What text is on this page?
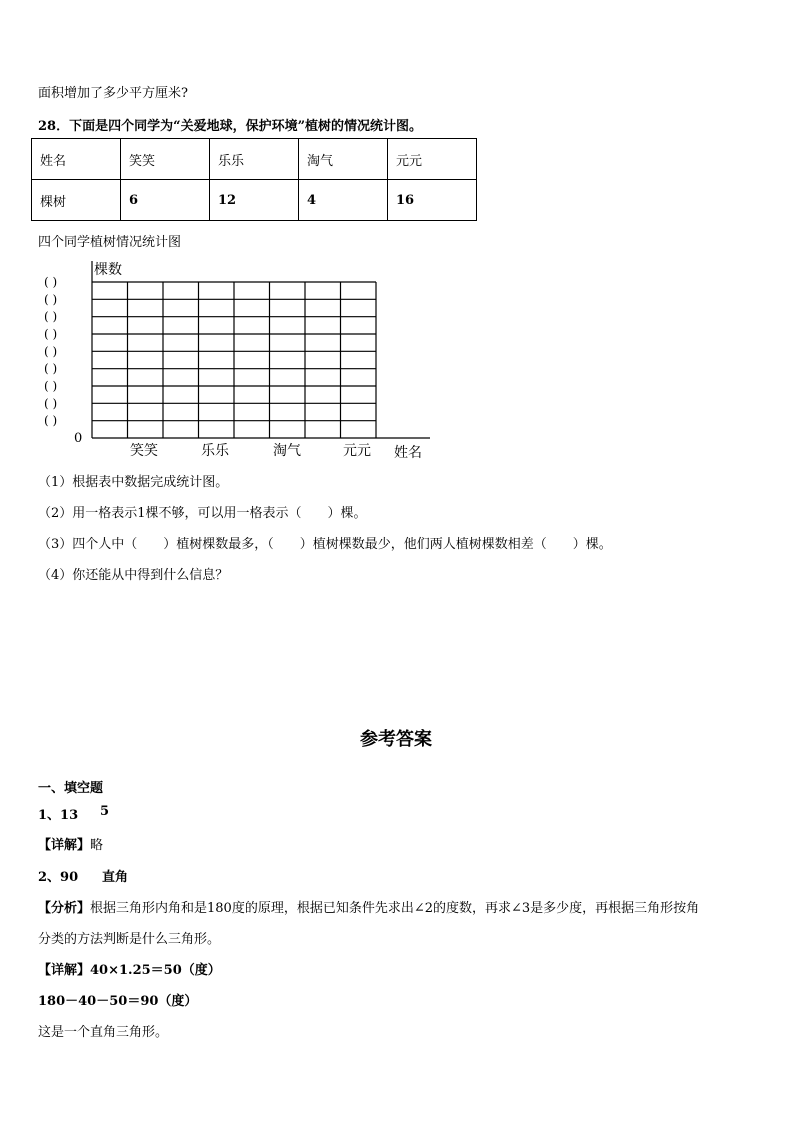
面积增加了多少平方厘米?
28．下面是四个同学为“关爱地球，保护环境”植树的情况统计图。
姓名	笑笑	乐乐	淘气	元元
棵树	6	12	4	16
四个同学植树情况统计图
棵数
0
( )
( )
( )
( )
( )
( )
( )
( )
( )
笑笑	乐乐	淘气	元元 姓名
（1）根据表中数据完成统计图。
（2）用一格表示1棵不够，可以用一格表示（　　）棵。
（3）四个人中（　　）植树棵数最多，（　　）植树棵数最少，他们两人植树棵数相差（　　）棵。
（4）你还能从中得到什么信息？
参考答案
一、填空题
1、13 5
【详解】略
2、90 直角
【分析】根据三角形内角和是180度的原理，根据已知条件先求出∠2的度数，再求∠3是多少度，再根据三角形按角
分类的方法判断是什么三角形。
【详解】40×1.25＝50（度）
180－40－50＝90（度）
这是一个直角三角形。
